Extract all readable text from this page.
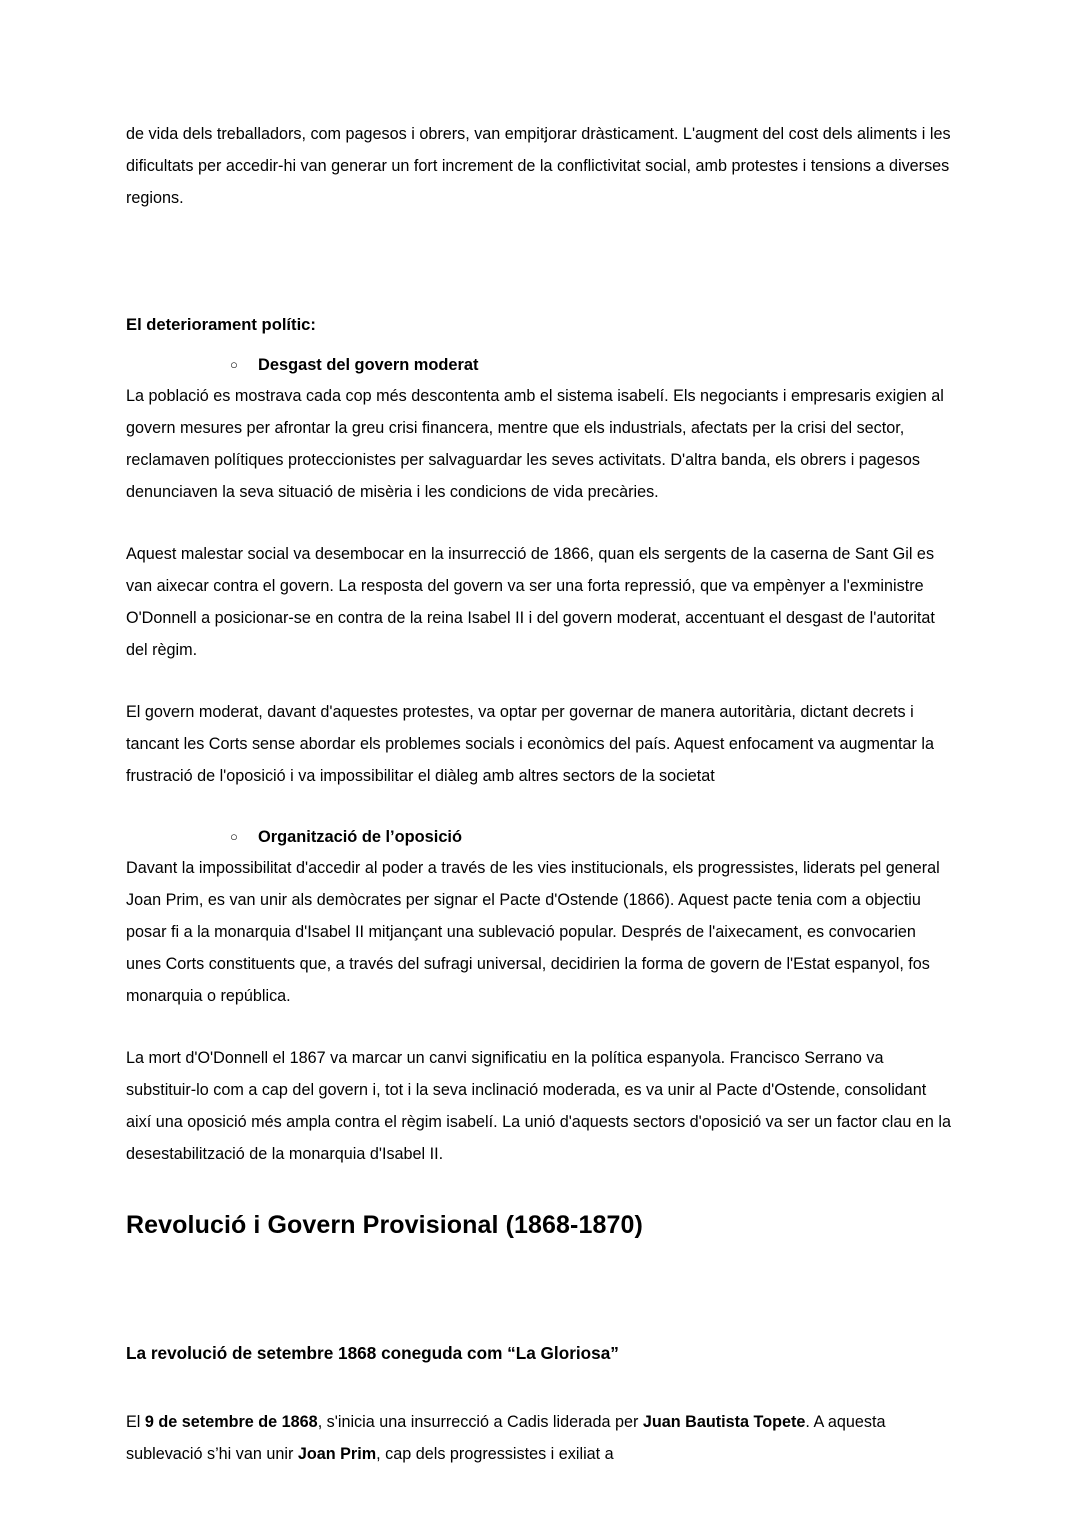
de vida dels treballadors, com pagesos i obrers, van empitjorar dràsticament. L'augment del cost dels aliments i les dificultats per accedir-hi van generar un fort increment de la conflictivitat social, amb protestes i tensions a diverses regions.

El deteriorament polític:
○ Desgast del govern moderat

La població es mostrava cada cop més descontenta amb el sistema isabelí. Els negociants i empresaris exigien al govern mesures per afrontar la greu crisi financera, mentre que els industrials, afectats per la crisi del sector, reclamaven polítiques proteccionistes per salvaguardar les seves activitats. D'altra banda, els obrers i pagesos denunciaven la seva situació de misèria i les condicions de vida precàries.

Aquest malestar social va desembocar en la insurrecció de 1866, quan els sergents de la caserna de Sant Gil es van aixecar contra el govern. La resposta del govern va ser una forta repressió, que va empènyer a l'exministre O'Donnell a posicionar-se en contra de la reina Isabel II i del govern moderat, accentuant el desgast de l'autoritat del règim.

El govern moderat, davant d'aquestes protestes, va optar per governar de manera autoritària, dictant decrets i tancant les Corts sense abordar els problemes socials i econòmics del país. Aquest enfocament va augmentar la frustració de l'oposició i va impossibilitar el diàleg amb altres sectors de la societat

○ Organització de l’oposició

Davant la impossibilitat d'accedir al poder a través de les vies institucionals, els progressistes, liderats pel general Joan Prim, es van unir als demòcrates per signar el Pacte d'Ostende (1866). Aquest pacte tenia com a objectiu posar fi a la monarquia d'Isabel II mitjançant una sublevació popular. Després de l'aixecament, es convocarien unes Corts constituents que, a través del sufragi universal, decidirien la forma de govern de l'Estat espanyol, fos monarquia o república.

La mort d'O'Donnell el 1867 va marcar un canvi significatiu en la política espanyola. Francisco Serrano va substituir-lo com a cap del govern i, tot i la seva inclinació moderada, es va unir al Pacte d'Ostende, consolidant així una oposició més ampla contra el règim isabelí. La unió d'aquests sectors d'oposició va ser un factor clau en la desestabilització de la monarquia d'Isabel II.

Revolució i Govern Provisional (1868-1870)
La revolució de setembre 1868 coneguda com “La Gloriosa”

El 9 de setembre de 1868, s'inicia una insurrecció a Cadis liderada per Juan Bautista Topete. A aquesta sublevació s’hi van unir Joan Prim, cap dels progressistes i exiliat a
